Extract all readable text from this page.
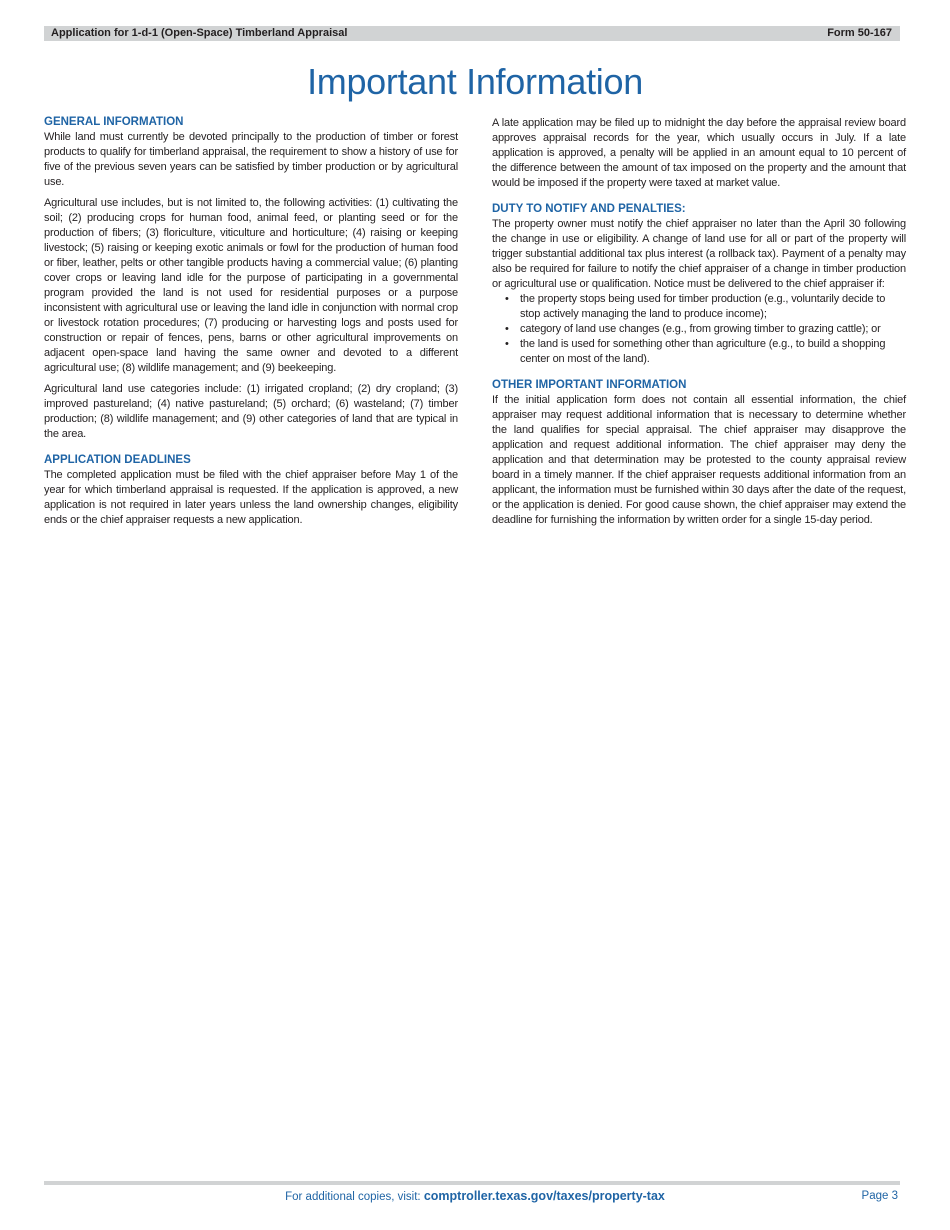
Application for 1-d-1 (Open-Space) Timberland Appraisal	Form 50-167
Important Information
GENERAL INFORMATION

While land must currently be devoted principally to the production of timber or forest products to qualify for timberland appraisal, the requirement to show a history of use for five of the previous seven years can be satisfied by timber production or by agricultural use.

Agricultural use includes, but is not limited to, the following activities: (1) cultivating the soil; (2) producing crops for human food, animal feed, or planting seed or for the production of fibers; (3) floriculture, viticulture and horticulture; (4) raising or keeping livestock; (5) raising or keeping exotic animals or fowl for the production of human food or fiber, leather, pelts or other tangible products having a commercial value; (6) planting cover crops or leaving land idle for the purpose of participating in a governmental program provided the land is not used for residential purposes or a purpose inconsistent with agricultural use or leaving the land idle in conjunction with normal crop or livestock rotation procedures; (7) producing or harvesting logs and posts used for construction or repair of fences, pens, barns or other agricultural improvements on adjacent open-space land having the same owner and devoted to a different agricultural use; (8) wildlife management; and (9) beekeeping.

Agricultural land use categories include: (1) irrigated cropland; (2) dry cropland; (3) improved pastureland; (4) native pastureland; (5) orchard; (6) wasteland; (7) timber production; (8) wildlife management; and (9) other categories of land that are typical in the area.

APPLICATION DEADLINES

The completed application must be filed with the chief appraiser before May 1 of the year for which timberland appraisal is requested. If the application is approved, a new application is not required in later years unless the land ownership changes, eligibility ends or the chief appraiser requests a new application.

A late application may be filed up to midnight the day before the appraisal review board approves appraisal records for the year, which usually occurs in July. If a late application is approved, a penalty will be applied in an amount equal to 10 percent of the difference between the amount of tax imposed on the property and the amount that would be imposed if the property were taxed at market value.

DUTY TO NOTIFY AND PENALTIES:

The property owner must notify the chief appraiser no later than the April 30 following the change in use or eligibility. A change of land use for all or part of the property will trigger substantial additional tax plus interest (a rollback tax). Payment of a penalty may also be required for failure to notify the chief appraiser of a change in timber production or agricultural use or qualification. Notice must be delivered to the chief appraiser if:

• the property stops being used for timber production (e.g., voluntarily decide to stop actively managing the land to produce income);
• category of land use changes (e.g., from growing timber to grazing cattle); or
• the land is used for something other than agriculture (e.g., to build a shopping center on most of the land).
OTHER IMPORTANT INFORMATION

If the initial application form does not contain all essential information, the chief appraiser may request additional information that is necessary to determine whether the land qualifies for special appraisal. The chief appraiser may disapprove the application and request additional information. The chief appraiser may deny the application and that determination may be protested to the county appraisal review board in a timely manner. If the chief appraiser requests additional information from an applicant, the information must be furnished within 30 days after the date of the request, or the application is denied. For good cause shown, the chief appraiser may extend the deadline for furnishing the information by written order for a single 15-day period.

For additional copies, visit: comptroller.texas.gov/taxes/property-tax	Page 3
